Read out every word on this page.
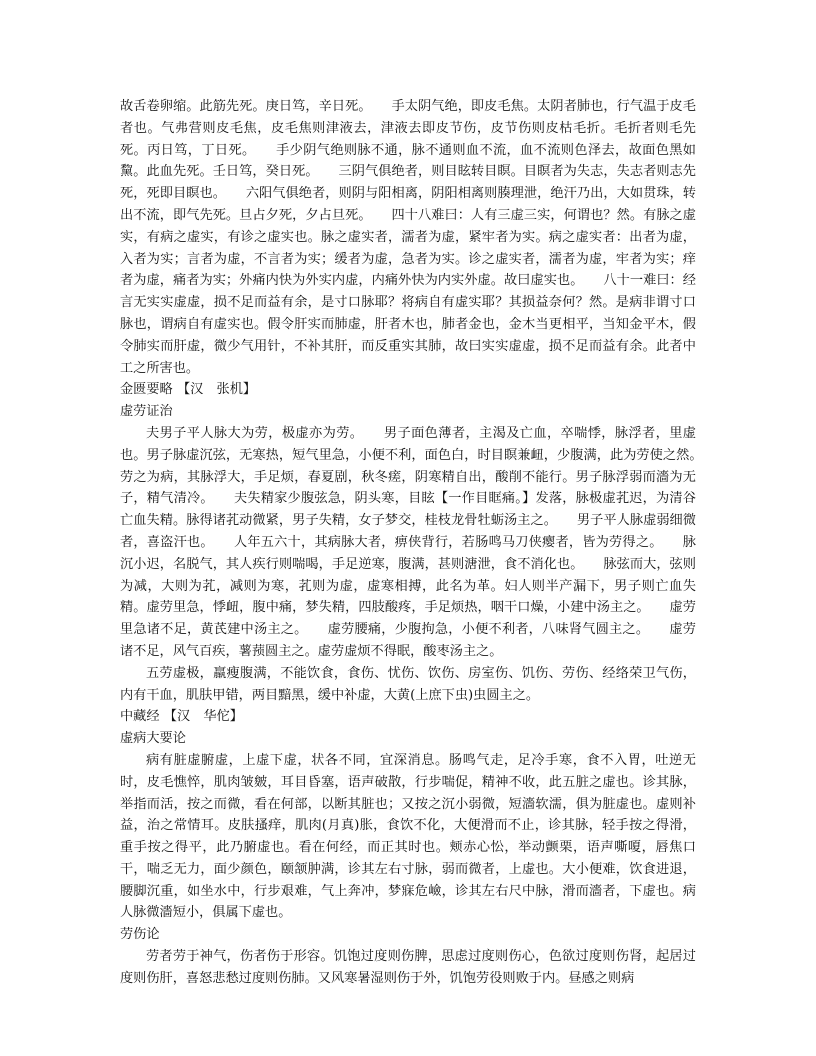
故舌卷卵缩。此筋先死。庚日笃，辛日死。　　手太阴气绝，即皮毛焦。太阴者肺也，行气温于皮毛者也。气弗营则皮毛焦，皮毛焦则津液去，津液去即皮节伤，皮节伤则皮枯毛折。毛折者则毛先死。丙日笃，丁日死。　　手少阴气绝则脉不通，脉不通则血不流，血不流则色泽去，故面色黑如黧。此血先死。壬日笃，癸日死。　　三阴气俱绝者，则目眩转目瞑。目瞑者为失志，失志者则志先死，死即目瞑也。　　六阳气俱绝者，则阴与阳相离，阴阳相离则腠理泄，绝汗乃出，大如贯珠，转出不流，即气先死。旦占夕死，夕占旦死。　　四十八难曰：人有三虚三实，何谓也？然。有脉之虚实，有病之虚实，有诊之虚实也。脉之虚实者，濡者为虚，紧牢者为实。病之虚实者：出者为虚，入者为实；言者为虚，不言者为实；缓者为虚，急者为实。诊之虚实者，濡者为虚，牢者为实；痒者为虚，痛者为实；外痛内快为外实内虚，内痛外快为内实外虚。故曰虚实也。　　八十一难曰：经言无实实虚虚，损不足而益有余，是寸口脉耶？将病自有虚实耶？其损益奈何？然。是病非谓寸口脉也，谓病自有虚实也。假令肝实而肺虚，肝者木也，肺者金也，金木当更相平，当知金平木，假令肺实而肝虚，微少气用针，不补其肝，而反重实其肺，故曰实实虚虚，损不足而益有余。此者中工之所害也。

金匮要略 【汉　张机】

虚劳证治

夫男子平人脉大为劳，极虚亦为劳。　　男子面色薄者，主渴及亡血，卒喘悸，脉浮者，里虚也。男子脉虚沉弦，无寒热，短气里急，小便不利，面色白，时目瞑兼衄，少腹满，此为劳使之然。　　劳之为病，其脉浮大，手足烦，春夏剧，秋冬瘥，阴寒精自出，酸削不能行。男子脉浮弱而濇为无子，精气清冷。　　夫失精家少腹弦急，阴头寒，目眩【一作目眶痛。】发落，脉极虚芤迟，为清谷亡血失精。脉得诸芤动微紧，男子失精，女子梦交，桂枝龙骨牡蛎汤主之。　　男子平人脉虚弱细微者，喜盗汗也。　　人年五六十，其病脉大者，痹侠背行，若肠鸣马刀侠瘿者，皆为劳得之。　　脉沉小迟，名脱气，其人疾行则喘喝，手足逆寒，腹满，甚则溏泄，食不消化也。　　脉弦而大，弦则为减，大则为芤，减则为寒，芤则为虚，虚寒相搏，此名为革。妇人则半产漏下，男子则亡血失精。虚劳里急，悸衄，腹中痛，梦失精，四肢酸疼，手足烦热，咽干口燥，小建中汤主之。　　虚劳里急诸不足，黄芪建中汤主之。　　虚劳腰痛，少腹拘急，小便不利者，八味肾气圆主之。　　虚劳诸不足，风气百疾，薯蓣圆主之。虚劳虚烦不得眠，酸枣汤主之。

五劳虚极，羸瘦腹满，不能饮食，食伤、忧伤、饮伤、房室伤、饥伤、劳伤、经络荣卫气伤，内有干血，肌肤甲错，两目黯黑，缓中补虚，大黄(上庶下虫)虫圆主之。

中藏经 【汉　华佗】

虚病大要论

病有脏虚腑虚，上虚下虚，状各不同，宜深消息。肠鸣气走，足冷手寒，食不入胃，吐逆无时，皮毛憔悴，肌肉皱皴，耳目昏塞，语声破散，行步喘促，精神不收，此五脏之虚也。诊其脉，举指而活，按之而微，看在何部，以断其脏也；又按之沉小弱微，短濇软濡，俱为脏虚也。虚则补益，治之常情耳。皮肤搔痒，肌肉(月真)胀，食饮不化，大便滑而不止，诊其脉，轻手按之得滑，重手按之得平，此乃腑虚也。看在何经，而正其时也。颊赤心忪，举动颤栗，语声嘶嗄，唇焦口干，喘乏无力，面少颜色，颐颔肿满，诊其左右寸脉，弱而微者，上虚也。大小便难，饮食进退，腰脚沉重，如坐水中，行步艰难，气上奔冲，梦寐危嶮，诊其左右尺中脉，滑而濇者，下虚也。病人脉微濇短小，俱属下虚也。

劳伤论

劳者劳于神气，伤者伤于形容。饥饱过度则伤脾，思虑过度则伤心，色欲过度则伤肾，起居过度则伤肝，喜怒悲愁过度则伤肺。又风寒暑湿则伤于外，饥饱劳役则败于内。昼感之则病
